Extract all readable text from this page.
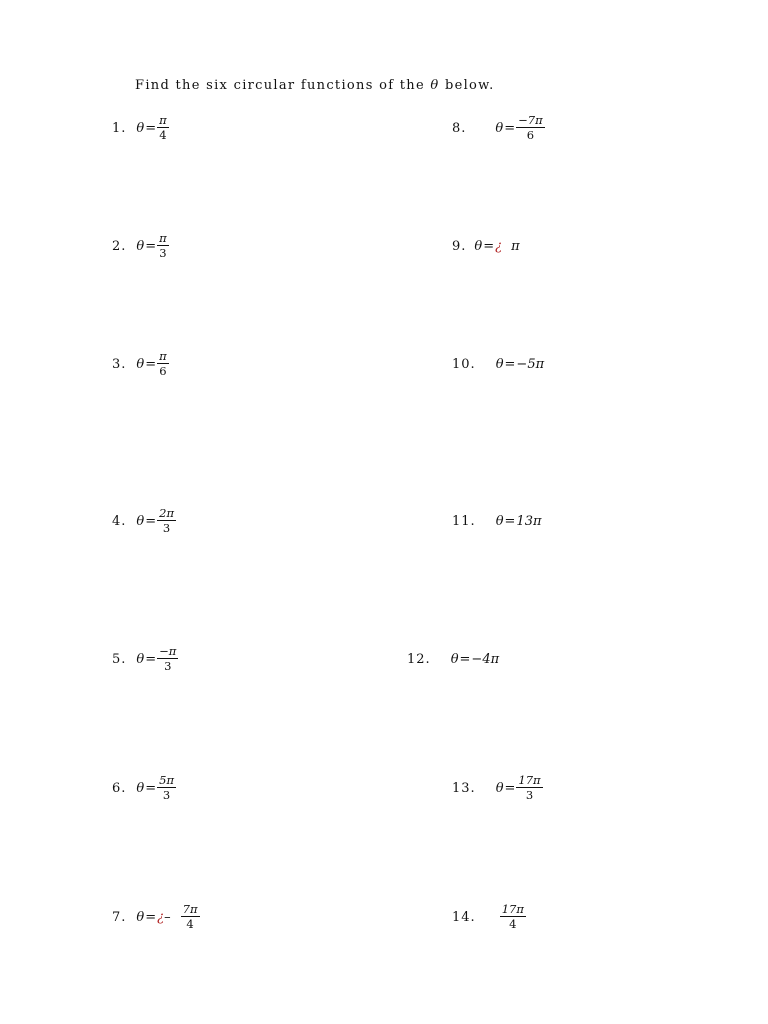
Find the six circular functions of the θ below.
1. $\theta = \frac{\pi}{4}$
2. $\theta = \frac{\pi}{3}$
3. $\theta = \frac{\pi}{6}$
4. $\theta = \frac{2\pi}{3}$
5. $\theta = \frac{-\pi}{3}$
6. $\theta = \frac{5\pi}{3}$
7. θ = ¿ – $\frac{7\pi}{4}$
8. $\theta = \frac{-7\pi}{6}$
9. θ = ¿ π
10. θ = −5π
11. θ = 13π
12. θ = −4π
13. $\theta = \frac{17\pi}{3}$
14. $\frac{17\pi}{4}$
